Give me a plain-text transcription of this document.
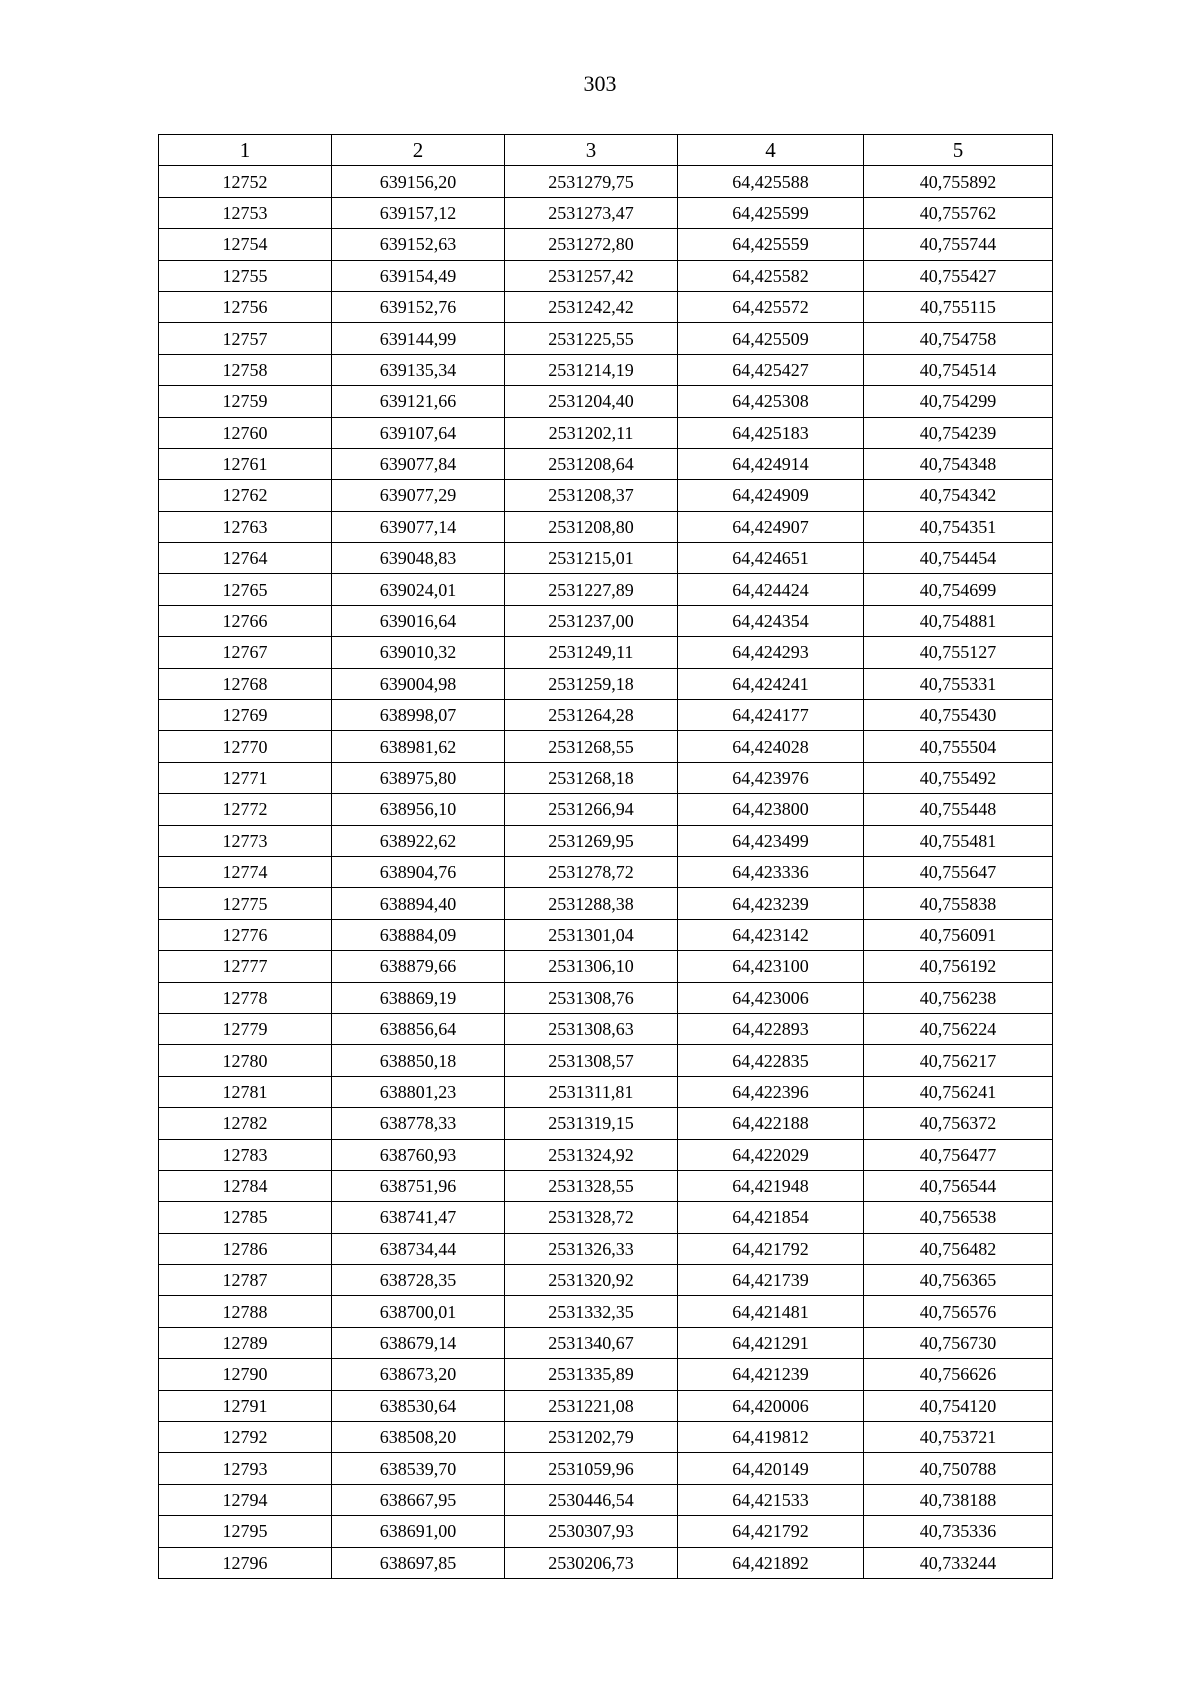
303
1	2	3	4	5
12752	639156,20	2531279,75	64,425588	40,755892
12753	639157,12	2531273,47	64,425599	40,755762
12754	639152,63	2531272,80	64,425559	40,755744
12755	639154,49	2531257,42	64,425582	40,755427
12756	639152,76	2531242,42	64,425572	40,755115
12757	639144,99	2531225,55	64,425509	40,754758
12758	639135,34	2531214,19	64,425427	40,754514
12759	639121,66	2531204,40	64,425308	40,754299
12760	639107,64	2531202,11	64,425183	40,754239
12761	639077,84	2531208,64	64,424914	40,754348
12762	639077,29	2531208,37	64,424909	40,754342
12763	639077,14	2531208,80	64,424907	40,754351
12764	639048,83	2531215,01	64,424651	40,754454
12765	639024,01	2531227,89	64,424424	40,754699
12766	639016,64	2531237,00	64,424354	40,754881
12767	639010,32	2531249,11	64,424293	40,755127
12768	639004,98	2531259,18	64,424241	40,755331
12769	638998,07	2531264,28	64,424177	40,755430
12770	638981,62	2531268,55	64,424028	40,755504
12771	638975,80	2531268,18	64,423976	40,755492
12772	638956,10	2531266,94	64,423800	40,755448
12773	638922,62	2531269,95	64,423499	40,755481
12774	638904,76	2531278,72	64,423336	40,755647
12775	638894,40	2531288,38	64,423239	40,755838
12776	638884,09	2531301,04	64,423142	40,756091
12777	638879,66	2531306,10	64,423100	40,756192
12778	638869,19	2531308,76	64,423006	40,756238
12779	638856,64	2531308,63	64,422893	40,756224
12780	638850,18	2531308,57	64,422835	40,756217
12781	638801,23	2531311,81	64,422396	40,756241
12782	638778,33	2531319,15	64,422188	40,756372
12783	638760,93	2531324,92	64,422029	40,756477
12784	638751,96	2531328,55	64,421948	40,756544
12785	638741,47	2531328,72	64,421854	40,756538
12786	638734,44	2531326,33	64,421792	40,756482
12787	638728,35	2531320,92	64,421739	40,756365
12788	638700,01	2531332,35	64,421481	40,756576
12789	638679,14	2531340,67	64,421291	40,756730
12790	638673,20	2531335,89	64,421239	40,756626
12791	638530,64	2531221,08	64,420006	40,754120
12792	638508,20	2531202,79	64,419812	40,753721
12793	638539,70	2531059,96	64,420149	40,750788
12794	638667,95	2530446,54	64,421533	40,738188
12795	638691,00	2530307,93	64,421792	40,735336
12796	638697,85	2530206,73	64,421892	40,733244
